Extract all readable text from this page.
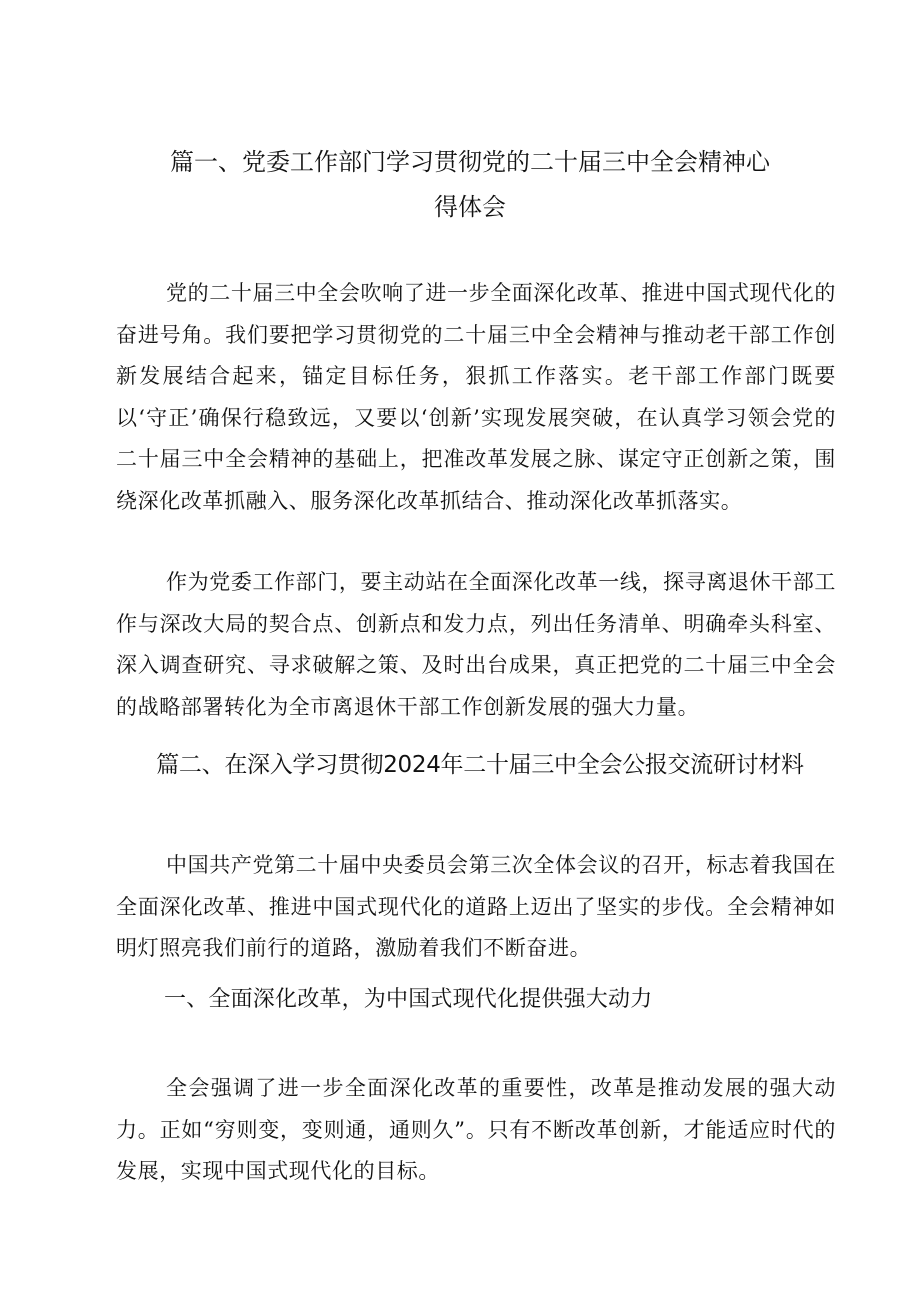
篇一、党委工作部门学习贯彻党的二十届三中全会精神心
得体会

党的二十届三中全会吹响了进一步全面深化改革、推进中国式现代化的奋进号角。我们要把学习贯彻党的二十届三中全会精神与推动老干部工作创新发展结合起来，锚定目标任务，狠抓工作落实。老干部工作部门既要以‘守正’确保行稳致远，又要以‘创新’实现发展突破，在认真学习领会党的二十届三中全会精神的基础上，把准改革发展之脉、谋定守正创新之策，围绕深化改革抓融入、服务深化改革抓结合、推动深化改革抓落实。

作为党委工作部门，要主动站在全面深化改革一线，探寻离退休干部工作与深改大局的契合点、创新点和发力点，列出任务清单、明确牵头科室、深入调查研究、寻求破解之策、及时出台成果，真正把党的二十届三中全会的战略部署转化为全市离退休干部工作创新发展的强大力量。

篇二、在深入学习贯彻2024年二十届三中全会公报交流研讨材料

中国共产党第二十届中央委员会第三次全体会议的召开，标志着我国在全面深化改革、推进中国式现代化的道路上迈出了坚实的步伐。全会精神如明灯照亮我们前行的道路，激励着我们不断奋进。

一、全面深化改革，为中国式现代化提供强大动力

全会强调了进一步全面深化改革的重要性，改革是推动发展的强大动力。正如“穷则变，变则通，通则久”。只有不断改革创新，才能适应时代的发展，实现中国式现代化的目标。
